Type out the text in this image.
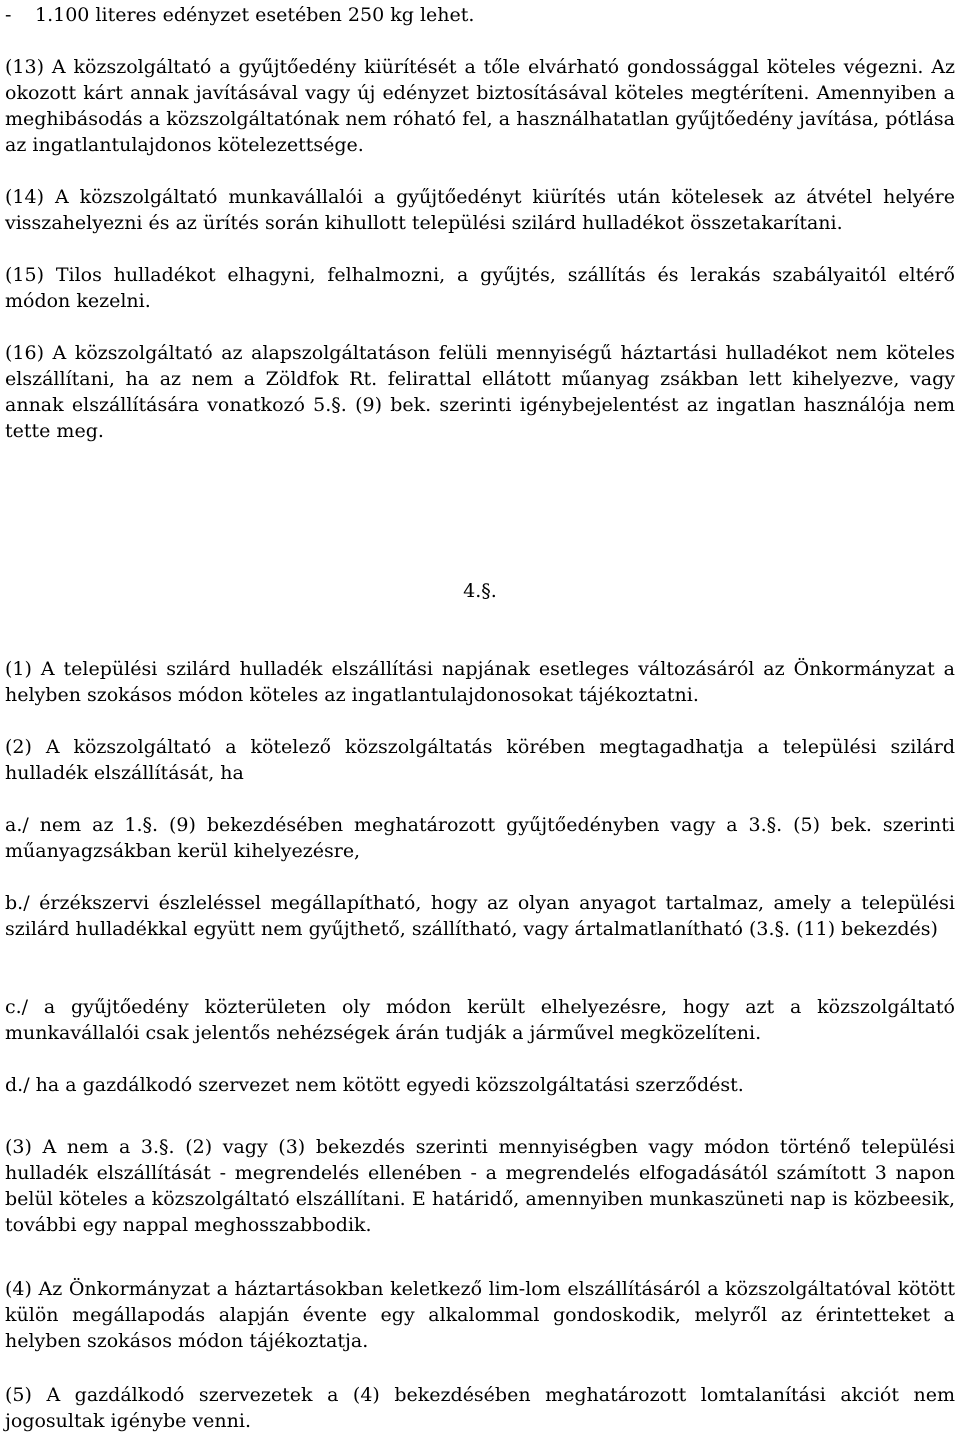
- 1.100 literes edényzet esetében 250 kg lehet.

(13) A közszolgáltató a gyűjtőedény kiürítését a tőle elvárható gondossággal köteles végezni. Az okozott kárt annak javításával vagy új edényzet biztosításával köteles megtéríteni. Amennyiben a meghibásodás a közszolgáltatónak nem róható fel, a használhatatlan gyűjtőedény javítása, pótlása az ingatlantulajdonos kötelezettsége.

(14) A közszolgáltató munkavállalói a gyűjtőedényt kiürítés után kötelesek az átvétel helyére visszahelyezni és az ürítés során kihullott települési szilárd hulladékot összetakarítani.

(15) Tilos hulladékot elhagyni, felhalmozni, a gyűjtés, szállítás és lerakás szabályaitól eltérő módon kezelni.

(16) A közszolgáltató az alapszolgáltatáson felüli mennyiségű háztartási hulladékot nem köteles elszállítani, ha az nem a Zöldfok Rt. felirattal ellátott műanyag zsákban lett kihelyezve, vagy annak elszállítására vonatkozó 5.§. (9) bek. szerinti igénybejelentést az ingatlan használója nem tette meg.

4.§.

(1) A települési szilárd hulladék elszállítási napjának esetleges változásáról az Önkormányzat a helyben szokásos módon köteles az ingatlantulajdonosokat tájékoztatni.

(2) A közszolgáltató a kötelező közszolgáltatás körében megtagadhatja a települési szilárd hulladék elszállítását, ha

a./ nem az 1.§. (9) bekezdésében meghatározott gyűjtőedényben vagy a 3.§. (5) bek. szerinti műanyagzsákban kerül kihelyezésre,

b./ érzékszervi észleléssel megállapítható, hogy az olyan anyagot tartalmaz, amely a települési szilárd hulladékkal együtt nem gyűjthető, szállítható, vagy ártalmatlanítható (3.§. (11) bekezdés)

c./ a gyűjtőedény közterületen oly módon került elhelyezésre, hogy azt a közszolgáltató munkavállalói csak jelentős nehézségek árán tudják a járművel megközelíteni.

d./ ha a gazdálkodó szervezet nem kötött egyedi közszolgáltatási szerződést.

(3) A nem a 3.§. (2) vagy (3) bekezdés szerinti mennyiségben vagy módon történő települési hulladék elszállítását - megrendelés ellenében - a megrendelés elfogadásától számított 3 napon belül köteles a közszolgáltató elszállítani. E határidő, amennyiben munkaszüneti nap is közbeesik, további egy nappal meghosszabbodik.

(4) Az Önkormányzat a háztartásokban keletkező lim-lom elszállításáról a közszolgáltatóval kötött külön megállapodás alapján évente egy alkalommal gondoskodik, melyről az érintetteket a helyben szokásos módon tájékoztatja.

(5) A gazdálkodó szervezetek a (4) bekezdésében meghatározott lomtalanítási akciót nem jogosultak igénybe venni.
